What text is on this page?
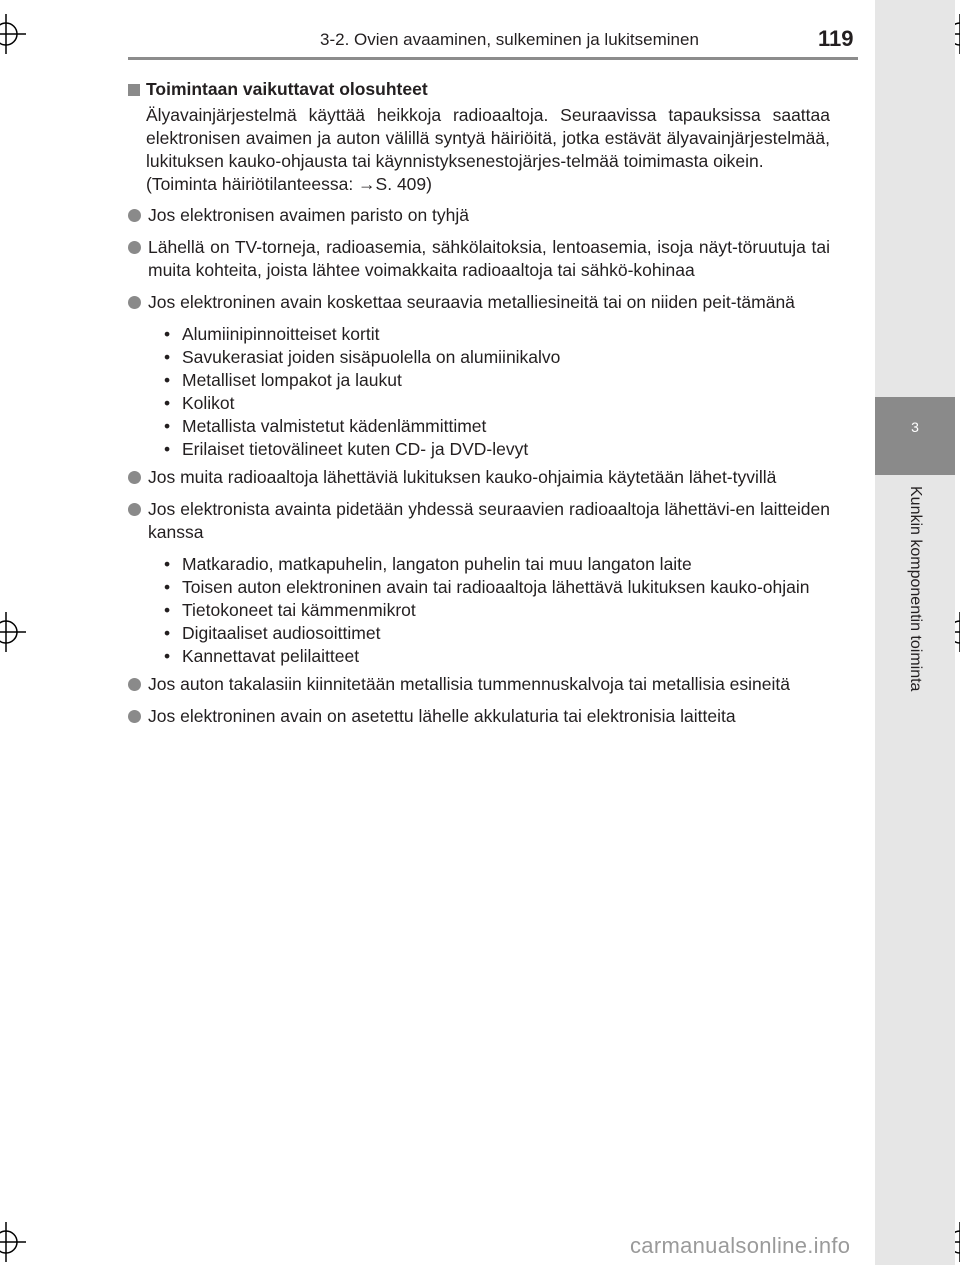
3-2. Ovien avaaminen, sulkeminen ja lukitseminen	119
3
Kunkin komponentin toiminta
Toimintaan vaikuttavat olosuhteet
Älyavainjärjestelmä käyttää heikkoja radioaaltoja. Seuraavissa tapauksissa saattaa elektronisen avaimen ja auton välillä syntyä häiriöitä, jotka estävät älyavainjärjestelmää, lukituksen kauko-ohjausta tai käynnistyksenestojärjes-telmää toimimasta oikein.
(Toiminta häiriötilanteessa: →S. 409)
Jos elektronisen avaimen paristo on tyhjä
Lähellä on TV-torneja, radioasemia, sähkölaitoksia, lentoasemia, isoja näyt-töruutuja tai muita kohteita, joista lähtee voimakkaita radioaaltoja tai sähkö-kohinaa
Jos elektroninen avain koskettaa seuraavia metalliesineitä tai on niiden peit-tämänä
• Alumiinipinnoitteiset kortit
• Savukerasiat joiden sisäpuolella on alumiinikalvo
• Metalliset lompakot ja laukut
• Kolikot
• Metallista valmistetut kädenlämmittimet
• Erilaiset tietovälineet kuten CD- ja DVD-levyt
Jos muita radioaaltoja lähettäviä lukituksen kauko-ohjaimia käytetään lähet-tyvillä
Jos elektronista avainta pidetään yhdessä seuraavien radioaaltoja lähettävi-en laitteiden kanssa
• Matkaradio, matkapuhelin, langaton puhelin tai muu langaton laite
• Toisen auton elektroninen avain tai radioaaltoja lähettävä lukituksen kauko-ohjain
• Tietokoneet tai kämmenmikrot
• Digitaaliset audiosoittimet
• Kannettavat pelilaitteet
Jos auton takalasiin kiinnitetään metallisia tummennuskalvoja tai metallisia esineitä
Jos elektroninen avain on asetettu lähelle akkulaturia tai elektronisia laitteita
carmanualsonline.info
